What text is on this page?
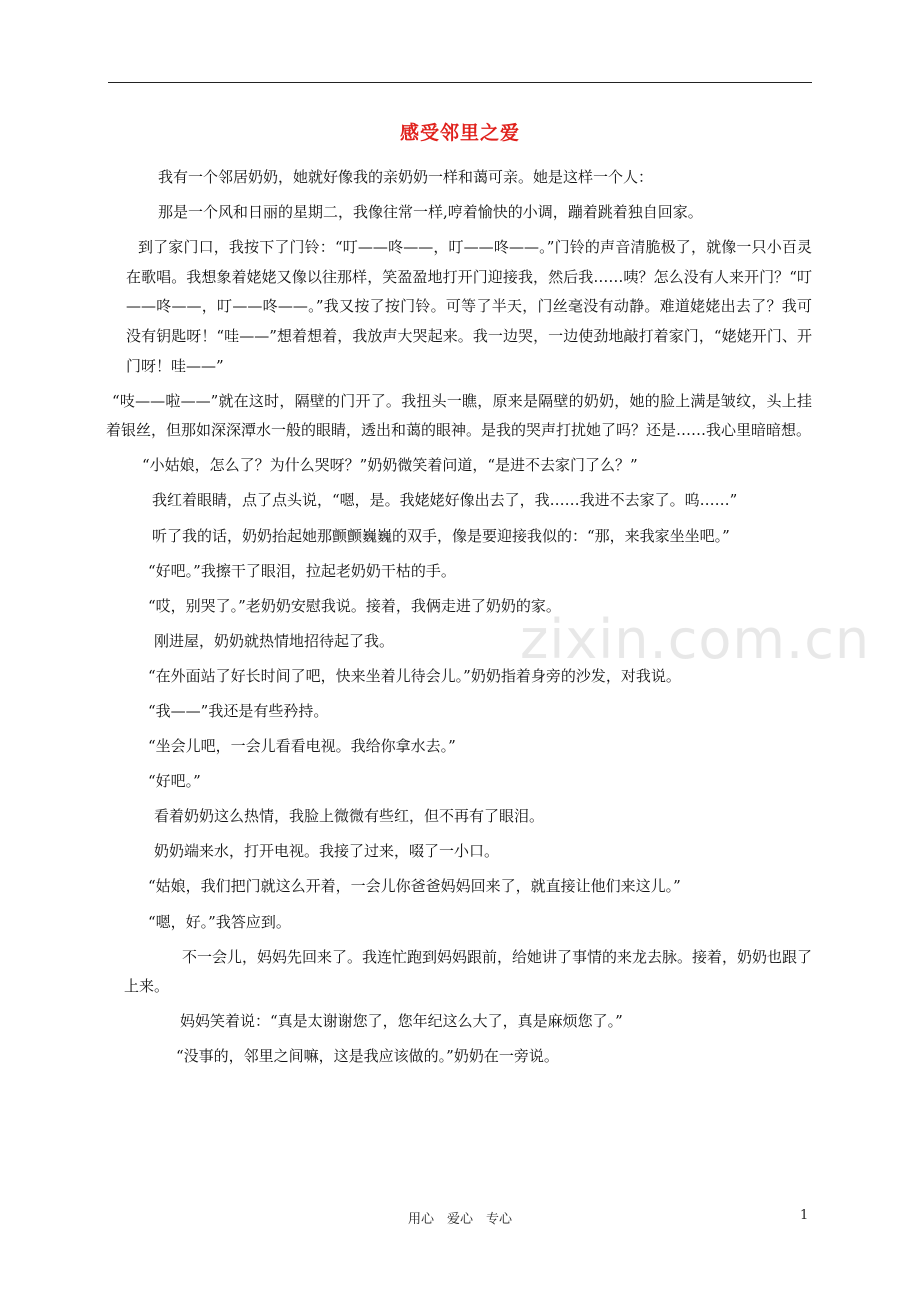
感受邻里之爱

我有一个邻居奶奶，她就好像我的亲奶奶一样和蔼可亲。她是这样一个人：

那是一个风和日丽的星期二，我像往常一样,哼着愉快的小调，蹦着跳着独自回家。

到了家门口，我按下了门铃：“叮——咚——，叮——咚——。”门铃的声音清脆极了，就像一只小百灵在歌唱。我想象着姥姥又像以往那样，笑盈盈地打开门迎接我，然后我……咦？怎么没有人来开门？“叮——咚——，叮——咚——。”我又按了按门铃。可等了半天，门丝毫没有动静。难道姥姥出去了？我可没有钥匙呀！“哇——”想着想着，我放声大哭起来。我一边哭，一边使劲地敲打着家门，“姥姥开门、开门呀！哇——”

“吱——啦——”就在这时，隔壁的门开了。我扭头一瞧，原来是隔壁的奶奶，她的脸上满是皱纹，头上挂着银丝，但那如深深潭水一般的眼睛，透出和蔼的眼神。是我的哭声打扰她了吗？还是……我心里暗暗想。

“小姑娘，怎么了？为什么哭呀？”奶奶微笑着问道，“是进不去家门了么？”

我红着眼睛，点了点头说，“嗯，是。我姥姥好像出去了，我……我进不去家了。呜……”

听了我的话，奶奶抬起她那颤颤巍巍的双手，像是要迎接我似的：“那，来我家坐坐吧。”

“好吧。”我擦干了眼泪，拉起老奶奶干枯的手。

“哎，别哭了。”老奶奶安慰我说。接着，我俩走进了奶奶的家。

刚进屋，奶奶就热情地招待起了我。

“在外面站了好长时间了吧，快来坐着儿待会儿。”奶奶指着身旁的沙发，对我说。

“我——”我还是有些矜持。

“坐会儿吧，一会儿看看电视。我给你拿水去。”

“好吧。”

看着奶奶这么热情，我脸上微微有些红，但不再有了眼泪。

奶奶端来水，打开电视。我接了过来，啜了一小口。

“姑娘，我们把门就这么开着，一会儿你爸爸妈妈回来了，就直接让他们来这儿。”

“嗯，好。”我答应到。

不一会儿，妈妈先回来了。我连忙跑到妈妈跟前，给她讲了事情的来龙去脉。接着，奶奶也跟了上来。

妈妈笑着说：“真是太谢谢您了，您年纪这么大了，真是麻烦您了。”

“没事的，邻里之间嘛，这是我应该做的。”奶奶在一旁说。

zixin.com.cn
用心　爱心　专心	1
